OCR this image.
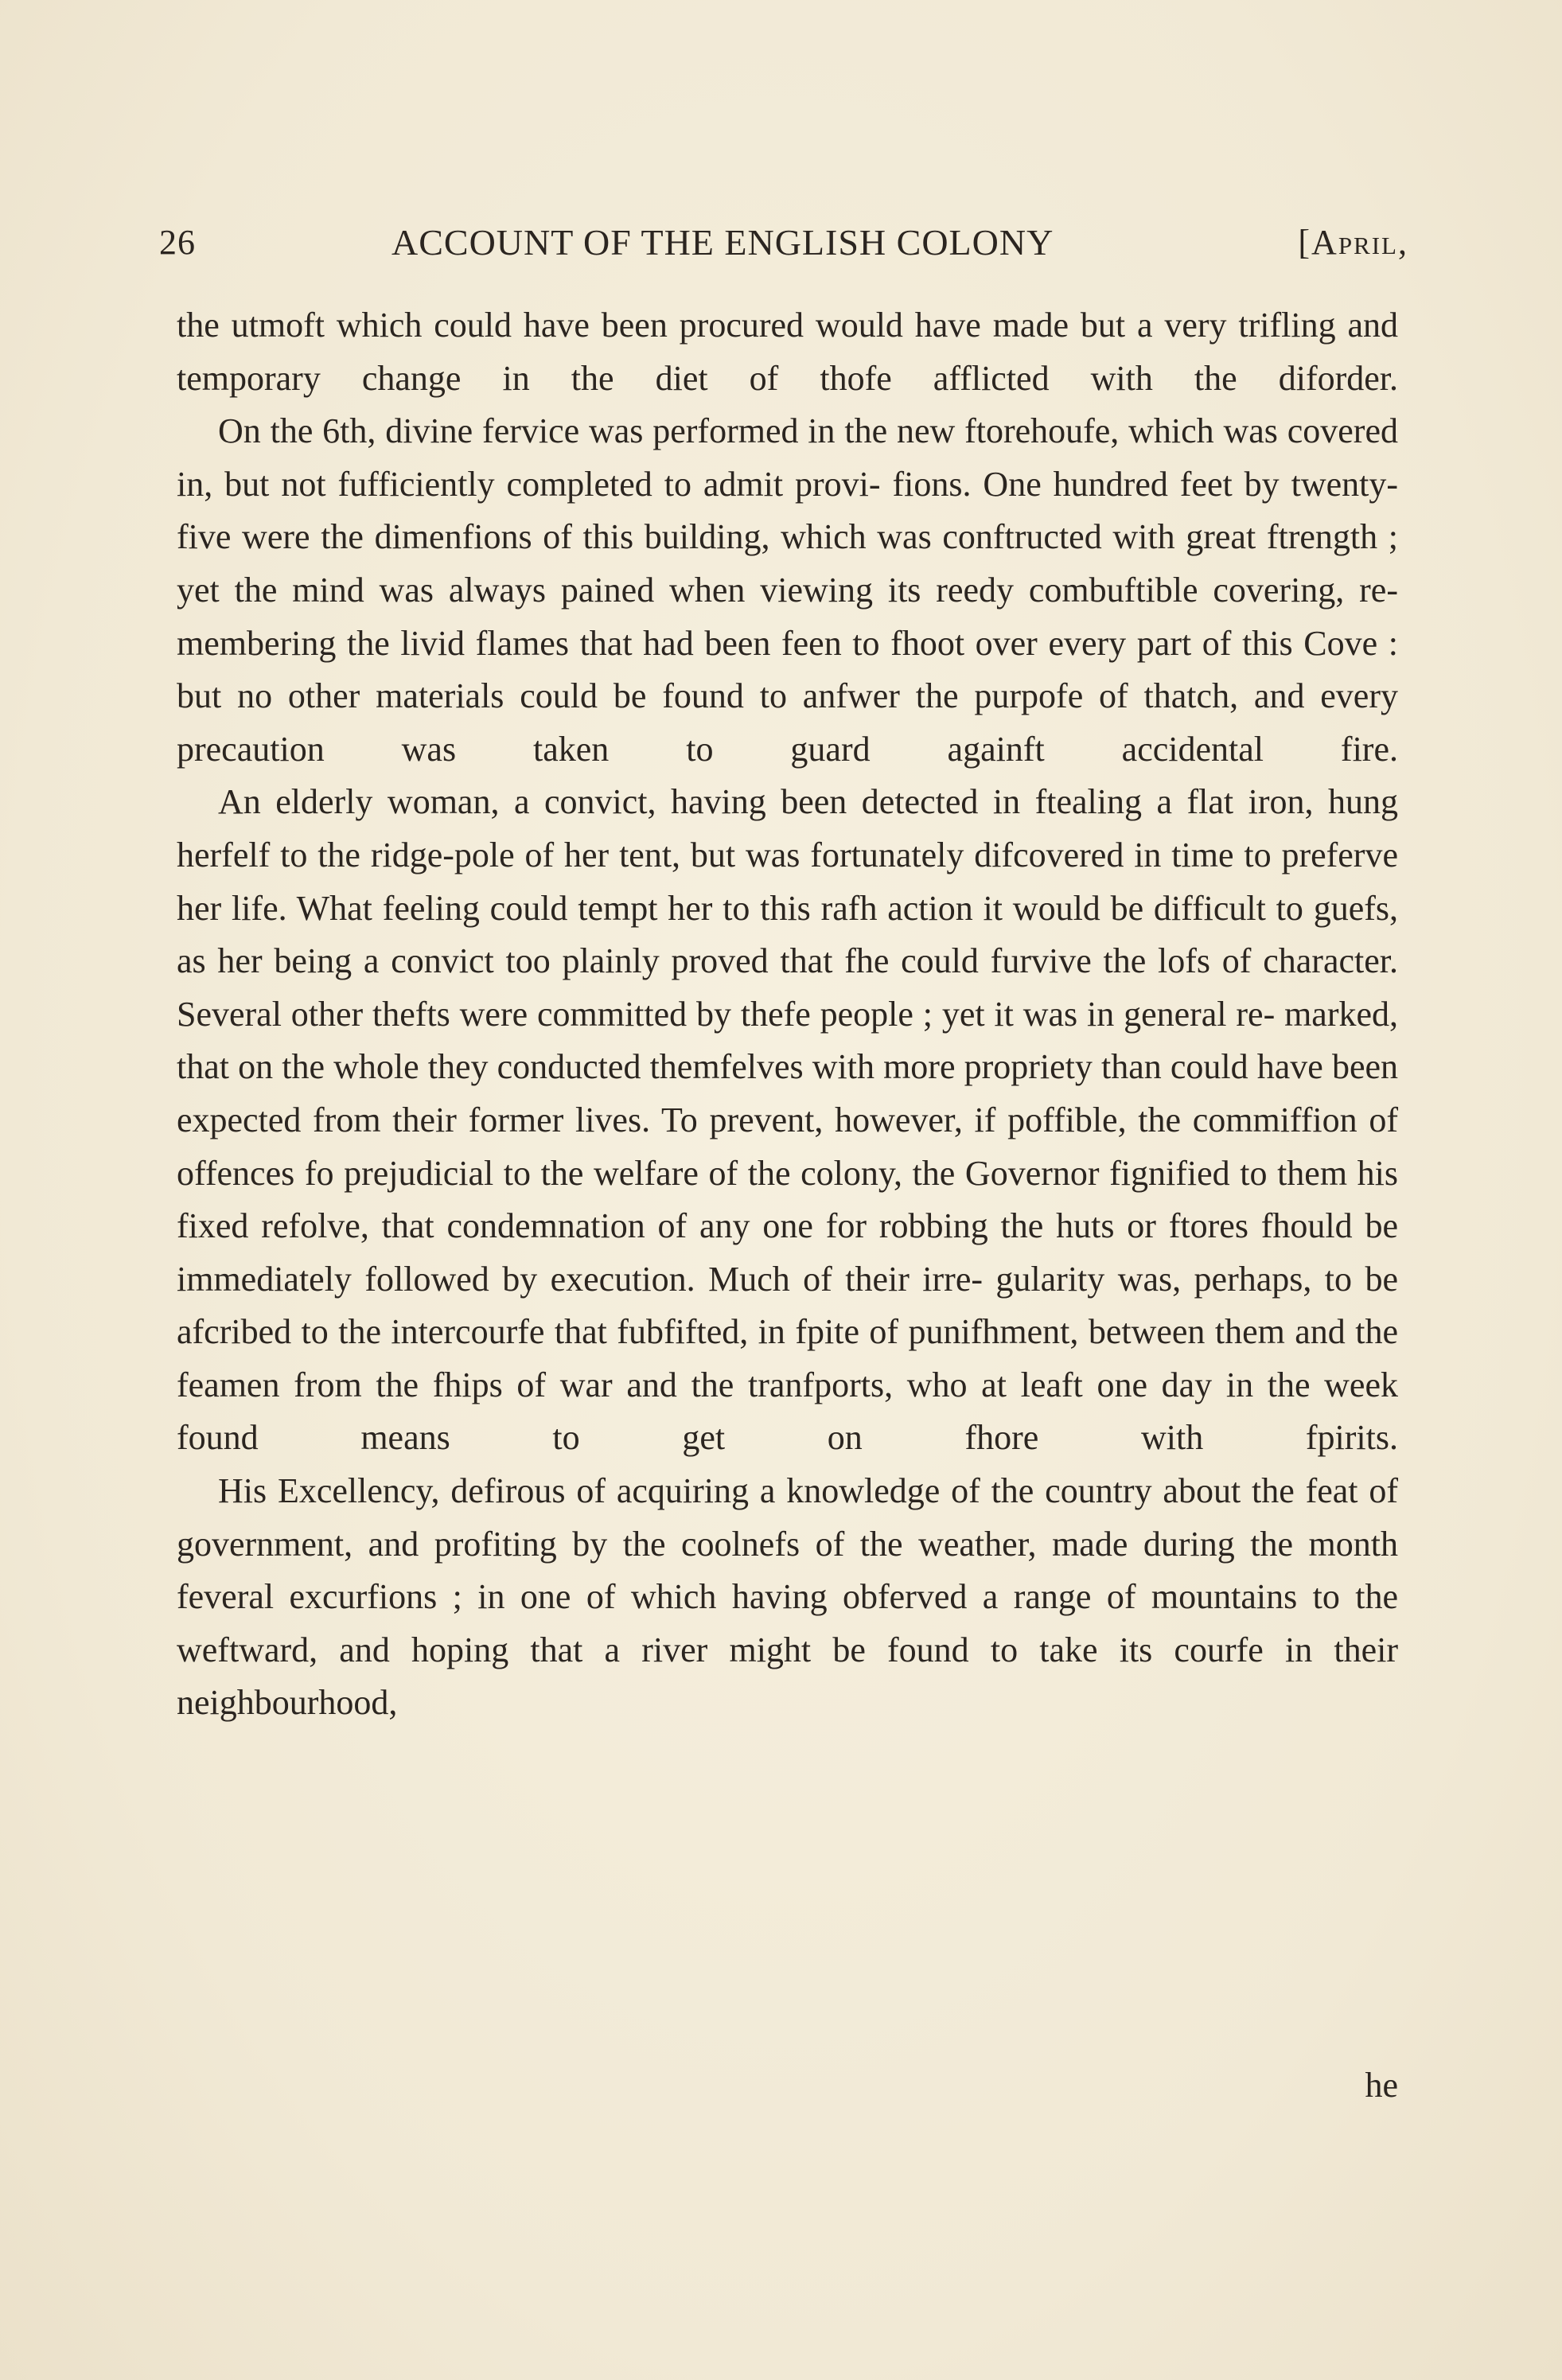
26	ACCOUNT OF THE ENGLISH COLONY	[April,

the utmoft which could have been procured would have made but a very trifling and temporary change in the diet of thofe afflicted with the diforder.

On the 6th, divine fervice was performed in the new ftorehoufe, which was covered in, but not fufficiently completed to admit provi- fions. One hundred feet by twenty-five were the dimenfions of this building, which was conftructed with great ftrength ; yet the mind was always pained when viewing its reedy combuftible covering, re- membering the livid flames that had been feen to fhoot over every part of this Cove : but no other materials could be found to anfwer the purpofe of thatch, and every precaution was taken to guard againft accidental fire.

An elderly woman, a convict, having been detected in ftealing a flat iron, hung herfelf to the ridge-pole of her tent, but was fortunately difcovered in time to preferve her life. What feeling could tempt her to this rafh action it would be difficult to guefs, as her being a convict too plainly proved that fhe could furvive the lofs of character. Several other thefts were committed by thefe people ; yet it was in general re- marked, that on the whole they conducted themfelves with more propriety than could have been expected from their former lives. To prevent, however, if poffible, the commiffion of offences fo prejudicial to the welfare of the colony, the Governor fignified to them his fixed refolve, that condemnation of any one for robbing the huts or ftores fhould be immediately followed by execution. Much of their irre- gularity was, perhaps, to be afcribed to the intercourfe that fubfifted, in fpite of punifhment, between them and the feamen from the fhips of war and the tranfports, who at leaft one day in the week found means to get on fhore with fpirits.

His Excellency, defirous of acquiring a knowledge of the country about the feat of government, and profiting by the coolnefs of the weather, made during the month feveral excurfions ; in one of which having obferved a range of mountains to the weftward, and hoping that a river might be found to take its courfe in their neighbourhood,

he
